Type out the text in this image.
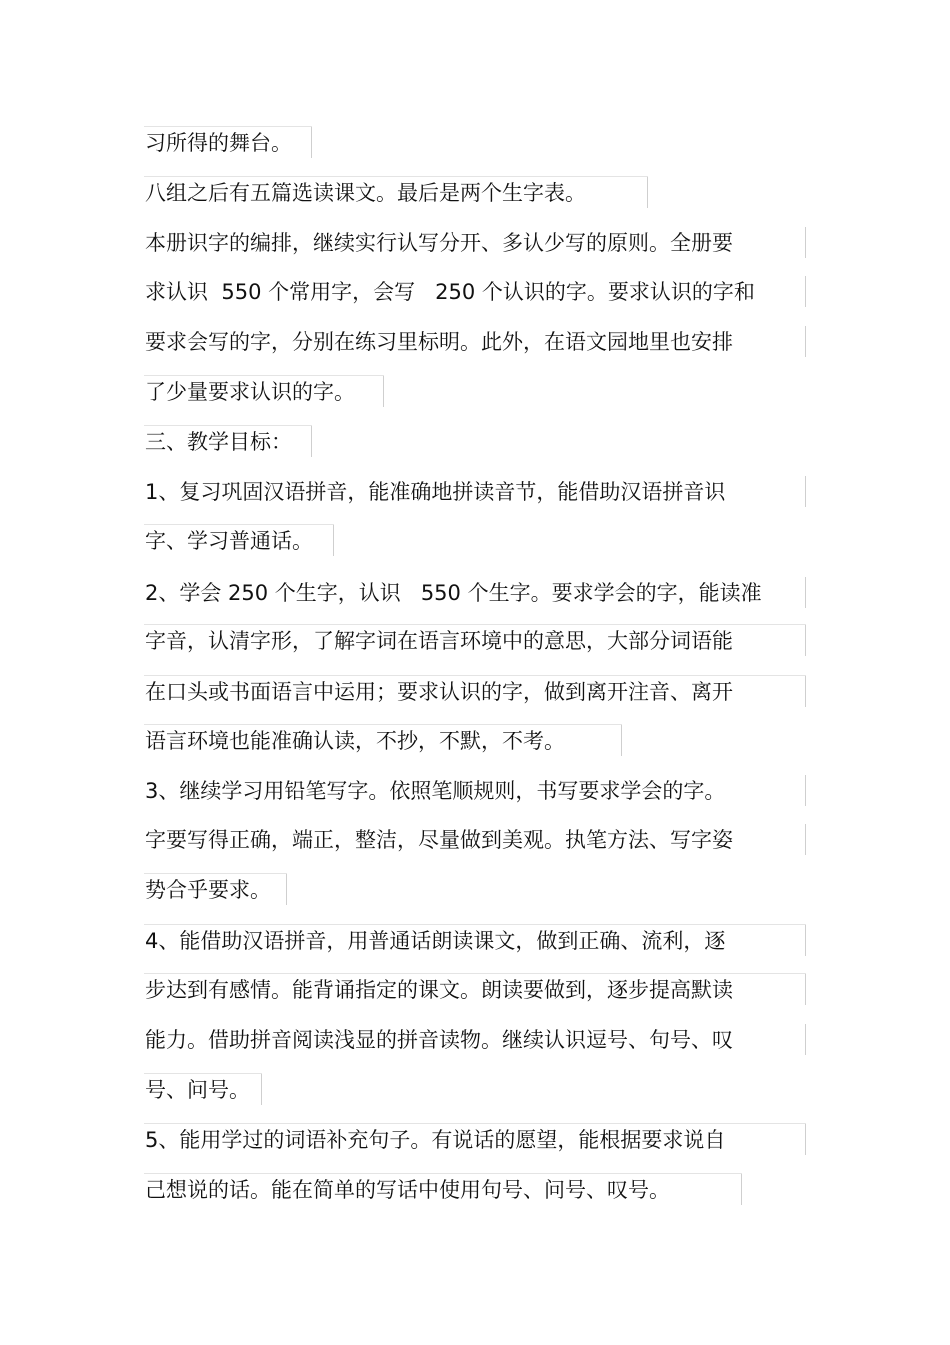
习所得的舞台。
八组之后有五篇选读课文。最后是两个生字表。
本册识字的编排，继续实行认写分开、多认少写的原则。全册要
求认识  550 个常用字，会写   250 个认识的字。要求认识的字和
要求会写的字，分别在练习里标明。此外，在语文园地里也安排
了少量要求认识的字。
三、教学目标：
1、复习巩固汉语拼音，能准确地拼读音节，能借助汉语拼音识
字、学习普通话。
2、学会 250 个生字，认识   550 个生字。要求学会的字，能读准
字音，认清字形，了解字词在语言环境中的意思，大部分词语能
在口头或书面语言中运用；要求认识的字，做到离开注音、离开
语言环境也能准确认读，不抄，不默，不考。
3、继续学习用铅笔写字。依照笔顺规则，书写要求学会的字。
字要写得正确，端正，整洁，尽量做到美观。执笔方法、写字姿
势合乎要求。
4、能借助汉语拼音，用普通话朗读课文，做到正确、流利，逐
步达到有感情。能背诵指定的课文。朗读要做到，逐步提高默读
能力。借助拼音阅读浅显的拼音读物。继续认识逗号、句号、叹
号、问号。
5、能用学过的词语补充句子。有说话的愿望，能根据要求说自
己想说的话。能在简单的写话中使用句号、问号、叹号。
